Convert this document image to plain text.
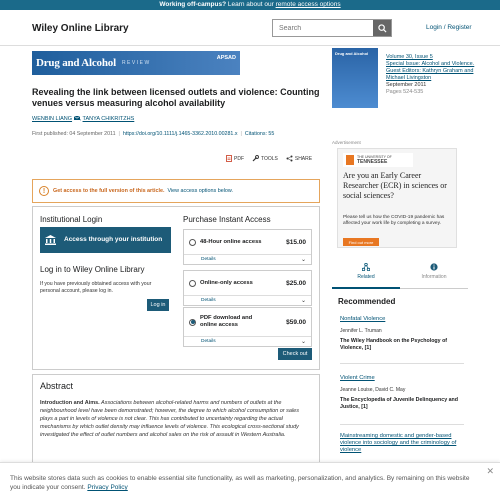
Working off-campus? Learn about our remote access options
Wiley Online Library
Search	Login / Register
Drug and Alcohol REVIEW
APSAD
Revealing the link between licensed outlets and violence: Counting venues versus measuring alcohol availability
WENBIN LIANG , TANYA CHIKRITZHS
First published: 04 September 2011 | https://doi.org/10.1111/j.1465-3362.2010.00281.x | Citations: 55
PDF	TOOLS	SHARE
!	Get access to the full version of this article. View access options below.
Institutional Login
Access through your institution
Log in to Wiley Online Library
If you have previously obtained access with your personal account, please log in.
Log in
Purchase Instant Access
48-Hour online access	$15.00
Details	⌄
Online-only access	$25.00
Details	⌄
PDF download and online access	$59.00
Details	⌄
Check out
Abstract

Introduction and Aims. Associations between alcohol-related harms and numbers of outlets at the neighbourhood level have been demonstrated; however, the degree to which alcohol consumption or sales plays a part in levels of violence is not clear. This has contributed to uncertainty regarding the actual mechanisms by which outlet density may influence levels of violence. This ecological cross-sectional study investigated the effect of outlet numbers and alcohol sales on the risk of assault in Western Australia.

Drug and Alcohol
Volume 30, Issue 5
Special Issue: Alcohol and Violence. Guest Editors: Kathryn Graham and Michael Livingston
September 2011
Pages 524-535
Advertisement
THE UNIVERSITY OF
TENNESSEE
Are you an Early Career Researcher (ECR) in sciences or social sciences?
Please tell us how the COVID-19 pandemic has affected your work life by completing a survey.
Find out more
Related	Information
Recommended
Nonfatal Violence
Jennifer L. Truman
The Wiley Handbook on the Psychology of Violence, [1]
Violent Crime
Jeanne Louise, David C. May
The Encyclopedia of Juvenile Delinquency and Justice, [1]
Mainstreaming domestic and gender-based violence into sociology and the criminology of violence
✕
This website stores data such as cookies to enable essential site functionality, as well as marketing, personalization, and analytics. By remaining on this website you indicate your consent. Privacy Policy
